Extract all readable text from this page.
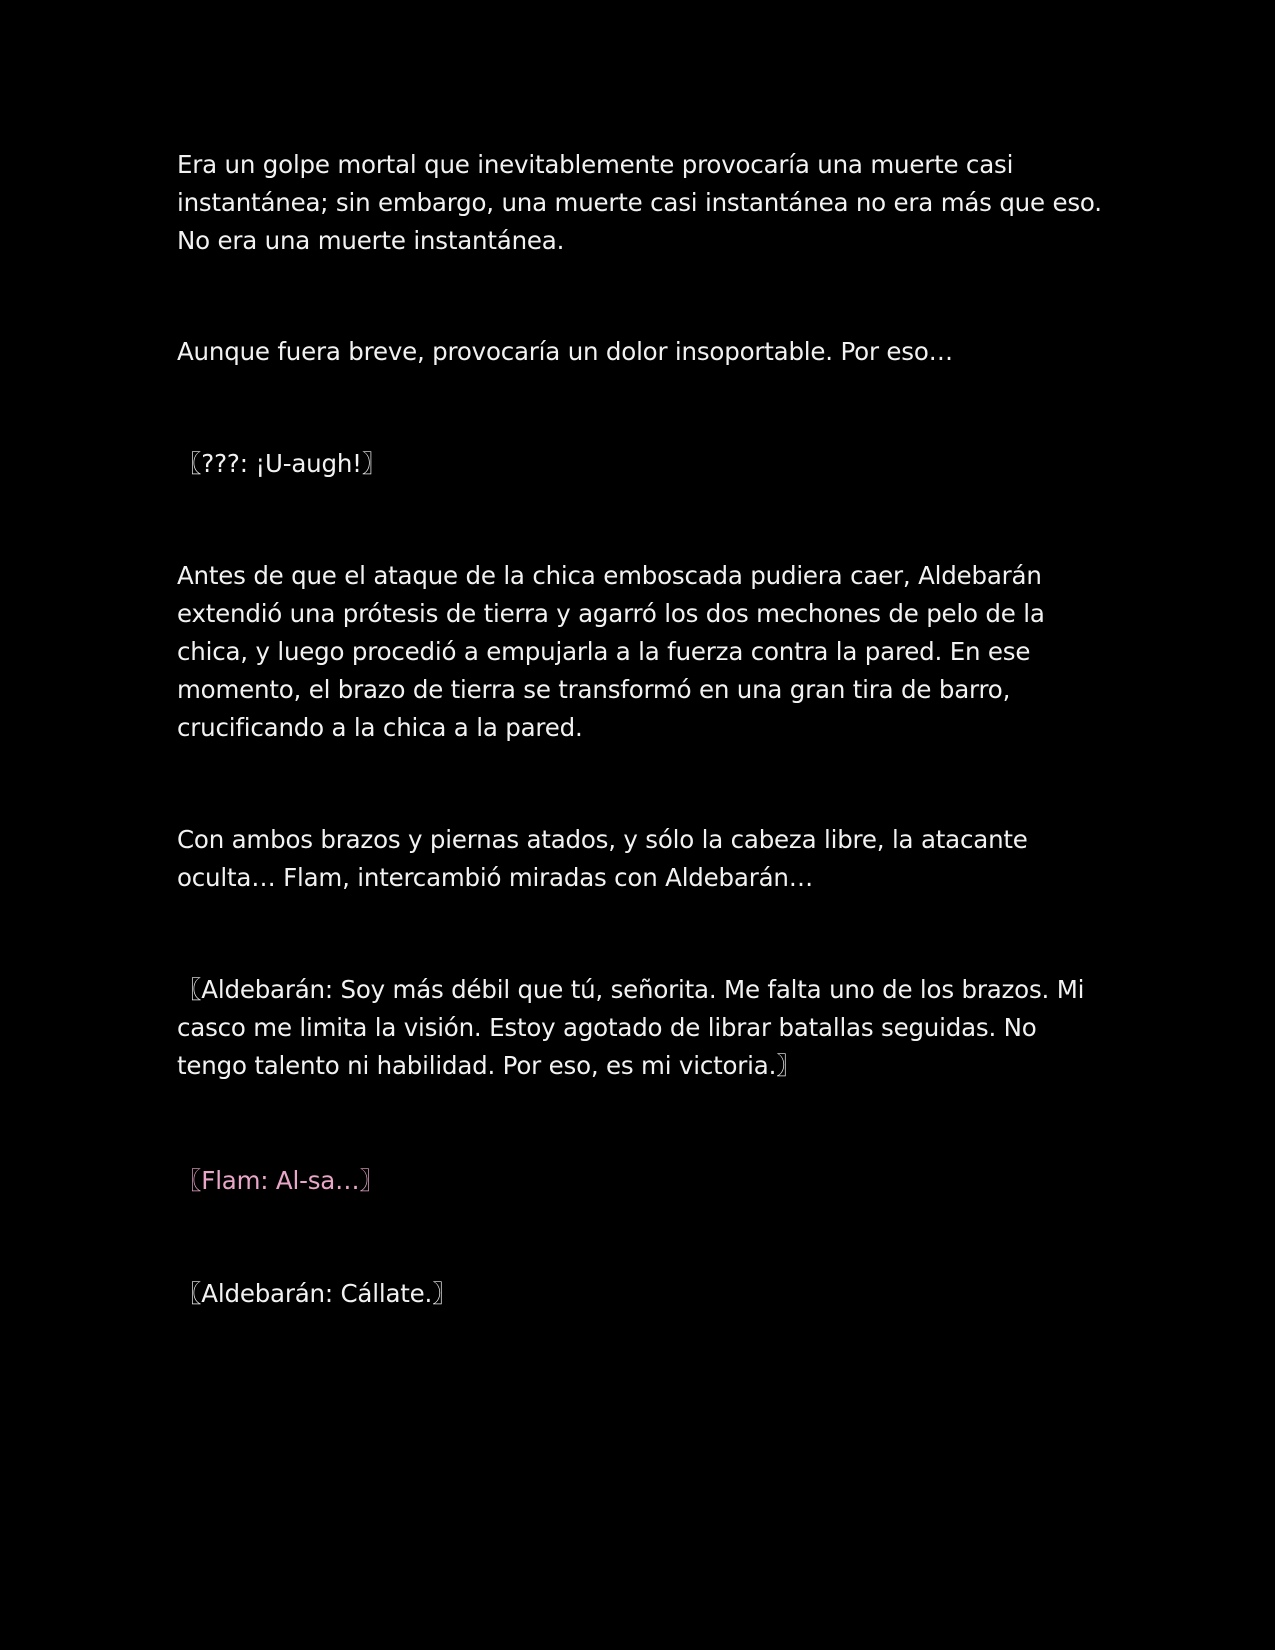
Era un golpe mortal que inevitablemente provocaría una muerte casi instantánea; sin embargo, una muerte casi instantánea no era más que eso. No era una muerte instantánea.

Aunque fuera breve, provocaría un dolor insoportable. Por eso…

〖???: ¡U-augh!〗

Antes de que el ataque de la chica emboscada pudiera caer, Aldebarán extendió una prótesis de tierra y agarró los dos mechones de pelo de la chica, y luego procedió a empujarla a la fuerza contra la pared. En ese momento, el brazo de tierra se transformó en una gran tira de barro, crucificando a la chica a la pared.

Con ambos brazos y piernas atados, y sólo la cabeza libre, la atacante oculta… Flam, intercambió miradas con Aldebarán…

〖Aldebarán: Soy más débil que tú, señorita. Me falta uno de los brazos. Mi casco me limita la visión. Estoy agotado de librar batallas seguidas. No tengo talento ni habilidad. Por eso, es mi victoria.〗

〖Flam: Al-sa…〗

〖Aldebarán: Cállate.〗
